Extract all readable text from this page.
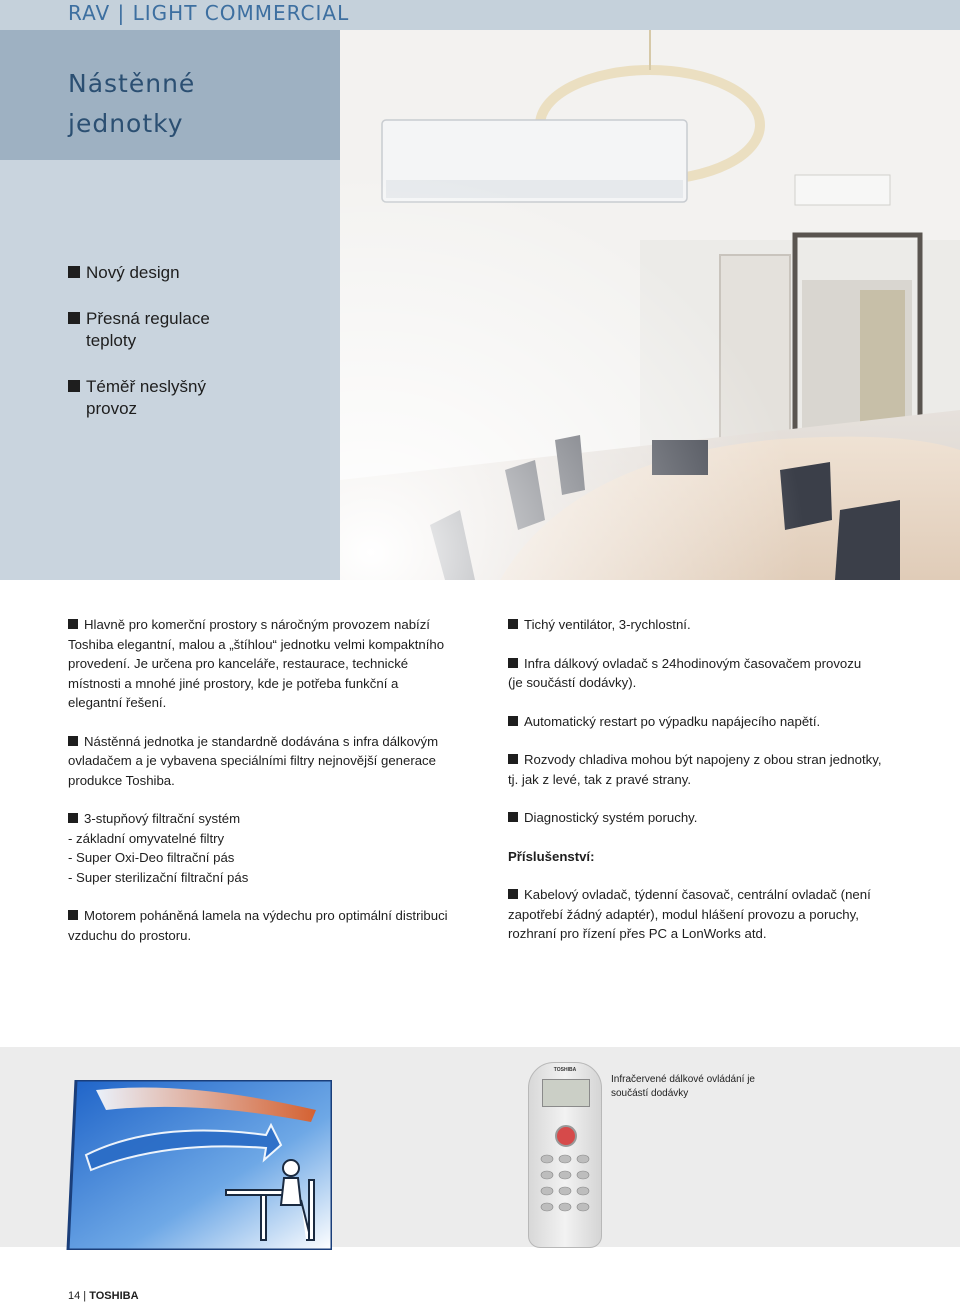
RAV | LIGHT COMMERCIAL
Nástěnné
jednotky
Nový design
Přesná regulace
teploty
Téměř neslyšný
provoz

Hlavně pro komerční prostory s náročným provozem nabízí
Toshiba elegantní, malou a „štíhlou“ jednotku velmi kompaktního
provedení. Je určena pro kanceláře, restaurace, technické
místnosti a mnohé jiné prostory, kde je potřeba funkční a
elegantní řešení.

Nástěnná jednotka je standardně dodávána s infra dálkovým
ovladačem a je vybavena speciálními filtry nejnovější generace
produkce Toshiba.

3-stupňový filtrační systém
- základní omyvatelné filtry
- Super Oxi-Deo filtrační pás
- Super sterilizační filtrační pás

Motorem poháněná lamela na výdechu pro optimální distribuci
vzduchu do prostoru.

Tichý ventilátor, 3-rychlostní.

Infra dálkový ovladač s 24hodinovým časovačem provozu
(je součástí dodávky).

Automatický restart po výpadku napájecího napětí.

Rozvody chladiva mohou být napojeny z obou stran jednotky,
tj. jak z levé, tak z pravé strany.

Diagnostický systém poruchy.

Příslušenství:

Kabelový ovladač, týdenní časovač, centrální ovladač (není
zapotřebí žádný adaptér), modul hlášení provozu a poruchy,
rozhraní pro řízení přes PC a LonWorks atd.

TOSHIBA
Infračervené dálkové ovládání je
součástí dodávky
14 | TOSHIBA
